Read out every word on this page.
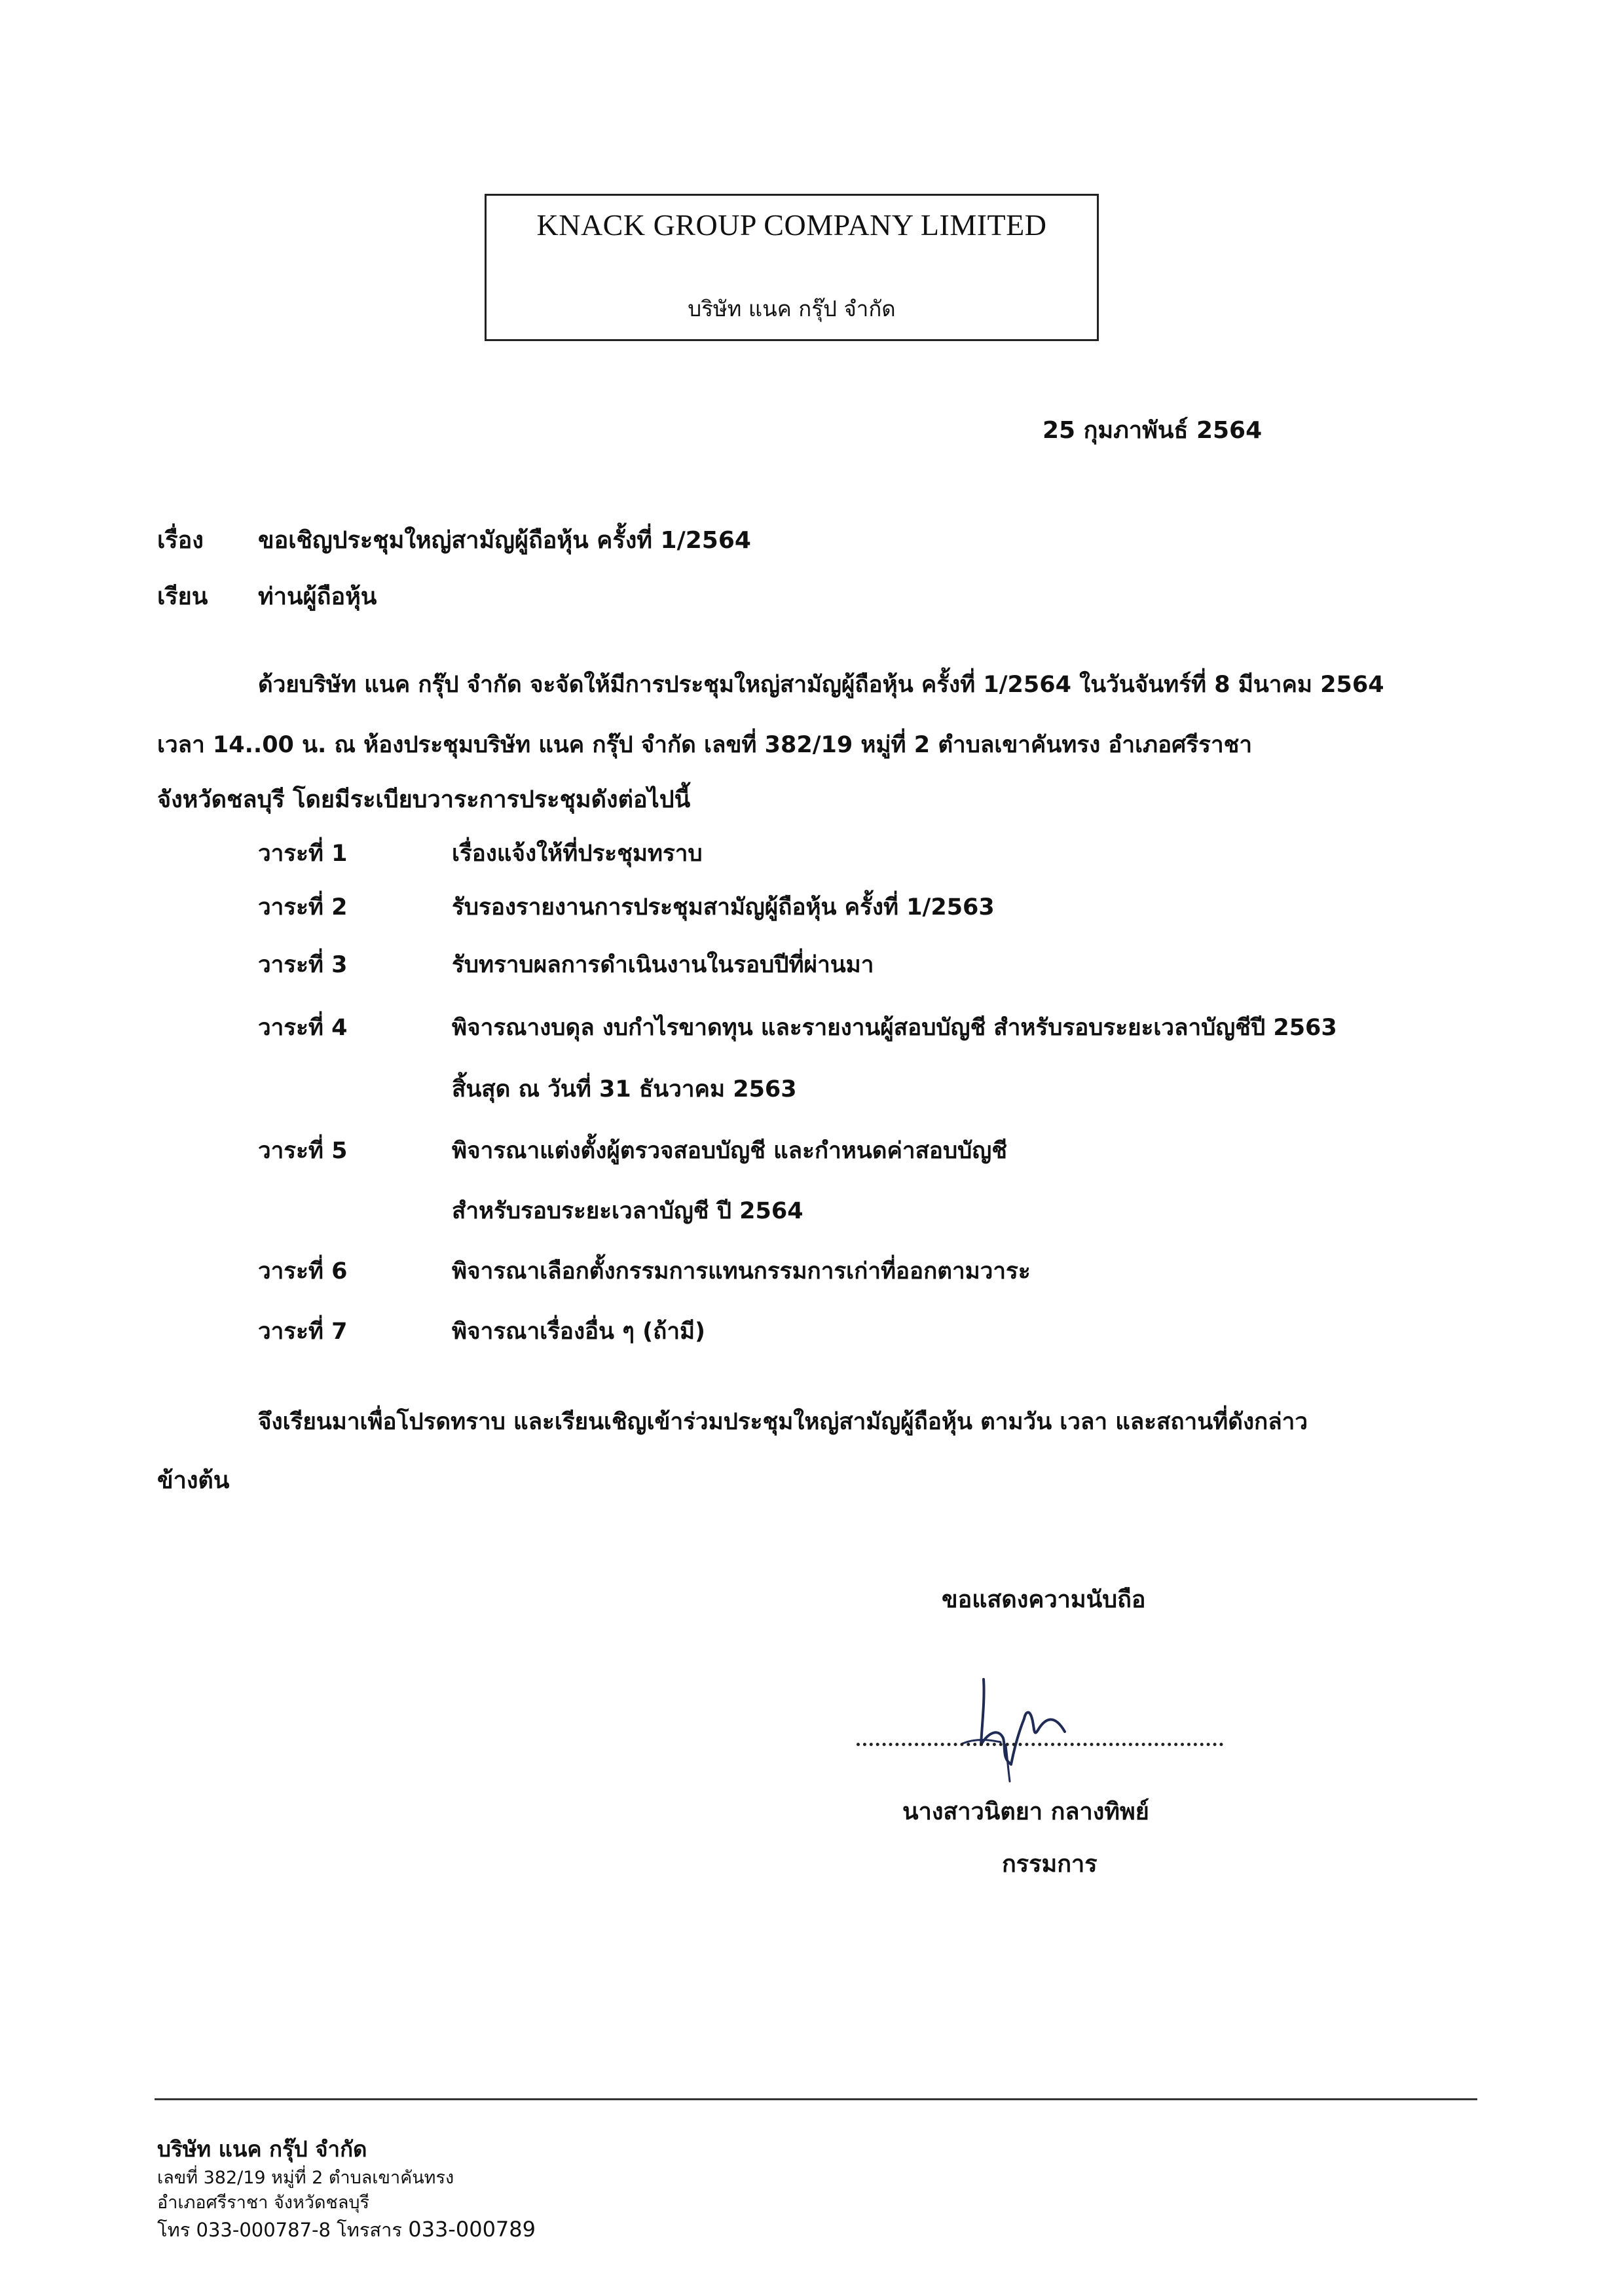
KNACK GROUP COMPANY LIMITED
บริษัท แนค กรุ๊ป จำกัด
25 กุมภาพันธ์ 2564
เรื่อง ขอเชิญประชุมใหญ่สามัญผู้ถือหุ้น ครั้งที่ 1/2564
เรียน ท่านผู้ถือหุ้น
ด้วยบริษัท แนค กรุ๊ป จำกัด จะจัดให้มีการประชุมใหญ่สามัญผู้ถือหุ้น ครั้งที่ 1/2564 ในวันจันทร์ที่ 8 มีนาคม 2564
เวลา 14..00 น. ณ ห้องประชุมบริษัท แนค กรุ๊ป จำกัด เลขที่ 382/19 หมู่ที่ 2 ตำบลเขาคันทรง อำเภอศรีราชา
จังหวัดชลบุรี โดยมีระเบียบวาระการประชุมดังต่อไปนี้
วาระที่ 1	เรื่องแจ้งให้ที่ประชุมทราบ
วาระที่ 2	รับรองรายงานการประชุมสามัญผู้ถือหุ้น ครั้งที่ 1/2563
วาระที่ 3	รับทราบผลการดำเนินงานในรอบปีที่ผ่านมา
วาระที่ 4	พิจารณางบดุล งบกำไรขาดทุน และรายงานผู้สอบบัญชี สำหรับรอบระยะเวลาบัญชีปี 2563
สิ้นสุด ณ วันที่ 31 ธันวาคม 2563
วาระที่ 5	พิจารณาแต่งตั้งผู้ตรวจสอบบัญชี และกำหนดค่าสอบบัญชี
สำหรับรอบระยะเวลาบัญชี ปี 2564
วาระที่ 6	พิจารณาเลือกตั้งกรรมการแทนกรรมการเก่าที่ออกตามวาระ
วาระที่ 7	พิจารณาเรื่องอื่น ๆ (ถ้ามี)
จึงเรียนมาเพื่อโปรดทราบ และเรียนเชิญเข้าร่วมประชุมใหญ่สามัญผู้ถือหุ้น ตามวัน เวลา และสถานที่ดังกล่าว
ข้างต้น
ขอแสดงความนับถือ
นางสาวนิตยา กลางทิพย์
กรรมการ
บริษัท แนค กรุ๊ป จำกัด
เลขที่ 382/19 หมู่ที่ 2 ตำบลเขาคันทรง
อำเภอศรีราชา จังหวัดชลบุรี
โทร 033-000787-8 โทรสาร 033-000789
